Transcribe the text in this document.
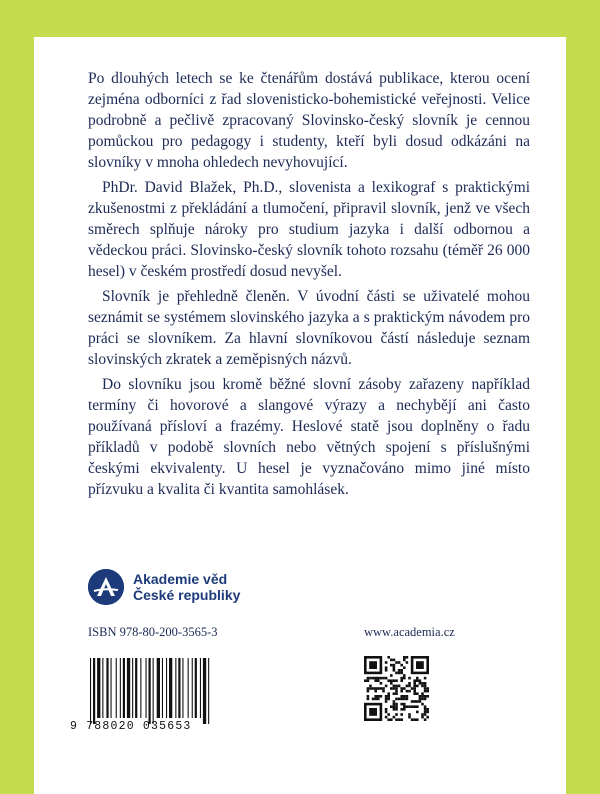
Po dlouhých letech se ke čtenářům dostává publikace, kterou ocení zejména odborníci z řad slovenisticko-bohemistické veřejnosti. Velice podrobně a pečlivě zpracovaný Slovinsko-český slovník je cennou pomůckou pro pedagogy i studenty, kteří byli dosud odkázáni na slovníky v mnoha ohledech nevyhovující.

PhDr. David Blažek, Ph.D., slovenista a lexikograf s praktickými zkušenostmi z překládání a tlumočení, připravil slovník, jenž ve všech směrech splňuje nároky pro studium jazyka i další odbornou a vědeckou práci. Slovinsko-český slovník tohoto rozsahu (téměř 26 000 hesel) v českém prostředí dosud nevyšel.

Slovník je přehledně členěn. V úvodní části se uživatelé mohou seznámit se systémem slovinského jazyka a s praktickým návodem pro práci se slovníkem. Za hlavní slovníkovou částí následuje seznam slovinských zkratek a zeměpisných názvů.

Do slovníku jsou kromě běžné slovní zásoby zařazeny například termíny či hovorové a slangové výrazy a nechybějí ani často používaná přísloví a frazémy. Heslové statě jsou doplněny o řadu příkladů v podobě slovních nebo větných spojení s příslušnými českými ekvivalenty. U hesel je vyznačováno mimo jiné místo přízvuku a kvalita či kvantita samohlásek.

Akademie věd
České republiky
ISBN 978-80-200-3565-3	www.academia.cz
9 788020 035653
